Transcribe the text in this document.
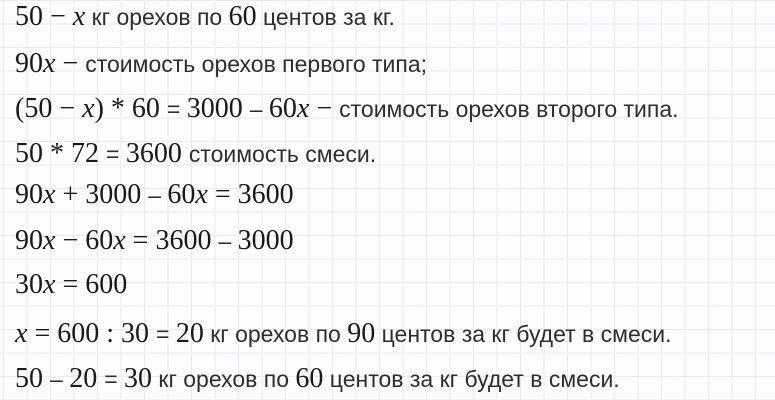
50 − x кг орехов по 60 центов за кг.
90x − стоимость орехов первого типа;
(50 − x) * 60 = 3000 – 60x − стоимость орехов второго типа.
50 * 72 = 3600 стоимость смеси.
90x + 3000 – 60x = 3600
90x − 60x = 3600 – 3000
30x = 600
x = 600 : 30 = 20 кг орехов по 90 центов за кг будет в смеси.
50 – 20 = 30 кг орехов по 60 центов за кг будет в смеси.
